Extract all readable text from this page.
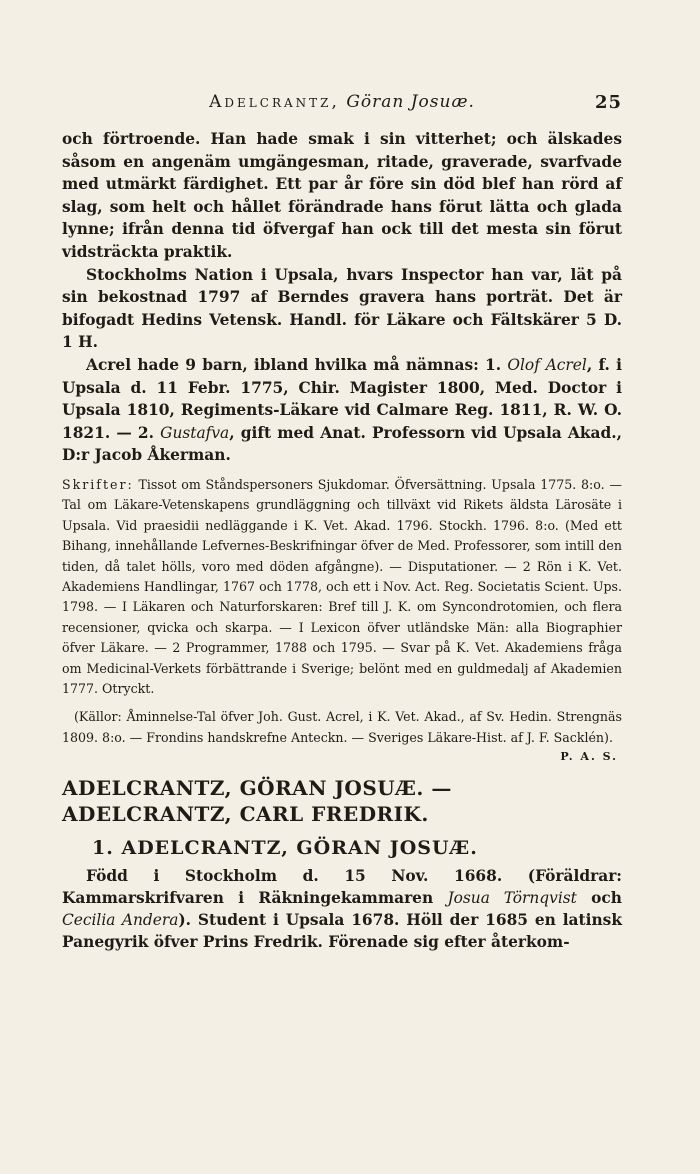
Adelcrantz, Göran Josuæ.	25

och förtroende. Han hade smak i sin vitterhet; och älskades såsom en angenäm umgängesman, ritade, graverade, svarfvade med utmärkt färdighet. Ett par år före sin död blef han rörd af slag, som helt och hållet förändrade hans förut lätta och glada lynne; ifrån denna tid öfvergaf han ock till det mesta sin förut vidsträckta praktik.

Stockholms Nation i Upsala, hvars Inspector han var, lät på sin bekostnad 1797 af Berndes gravera hans porträt. Det är bifogadt Hedins Vetensk. Handl. för Läkare och Fältskärer 5 D. 1 H.

Acrel hade 9 barn, ibland hvilka må nämnas: 1. Olof Acrel, f. i Upsala d. 11 Febr. 1775, Chir. Magister 1800, Med. Doctor i Upsala 1810, Regiments-Läkare vid Calmare Reg. 1811, R. W. O. 1821. — 2. Gustafva, gift med Anat. Professorn vid Upsala Akad., D:r Jacob Åkerman.

Skrifter: Tissot om Ståndspersoners Sjukdomar. Öfversättning. Upsala 1775. 8:o. — Tal om Läkare-Vetenskapens grundläggning och tillväxt vid Rikets äldsta Lärosäte i Upsala. Vid praesidii nedläggande i K. Vet. Akad. 1796. Stockh. 1796. 8:o. (Med ett Bihang, innehållande Lefvernes-Beskrifningar öfver de Med. Professorer, som intill den tiden, då talet hölls, voro med döden afgångne). — Disputationer. — 2 Rön i K. Vet. Akademiens Handlingar, 1767 och 1778, och ett i Nov. Act. Reg. Societatis Scient. Ups. 1798. — I Läkaren och Naturforskaren: Bref till J. K. om Syncondrotomien, och flera recensioner, qvicka och skarpa. — I Lexicon öfver utländske Män: alla Biographier öfver Läkare. — 2 Programmer, 1788 och 1795. — Svar på K. Vet. Akademiens fråga om Medicinal-Verkets förbättrande i Sverige; belönt med en guldmedalj af Akademien 1777. Otryckt.

(Källor: Åminnelse-Tal öfver Joh. Gust. Acrel, i K. Vet. Akad., af Sv. Hedin. Strengnäs 1809. 8:o. — Frondins handskrefne Anteckn. — Sveriges Läkare-Hist. af J. F. Sacklén).

P. A. S.
ADELCRANTZ, GÖRAN JOSUÆ. — ADELCRANTZ, CARL FREDRIK.
1. ADELCRANTZ, GÖRAN JOSUÆ.

Född i Stockholm d. 15 Nov. 1668. (Föräldrar: Kammarskrifvaren i Räkningekammaren Josua Törnqvist och Cecilia Andera). Student i Upsala 1678. Höll der 1685 en latinsk Panegyrik öfver Prins Fredrik. Förenade sig efter återkom-
